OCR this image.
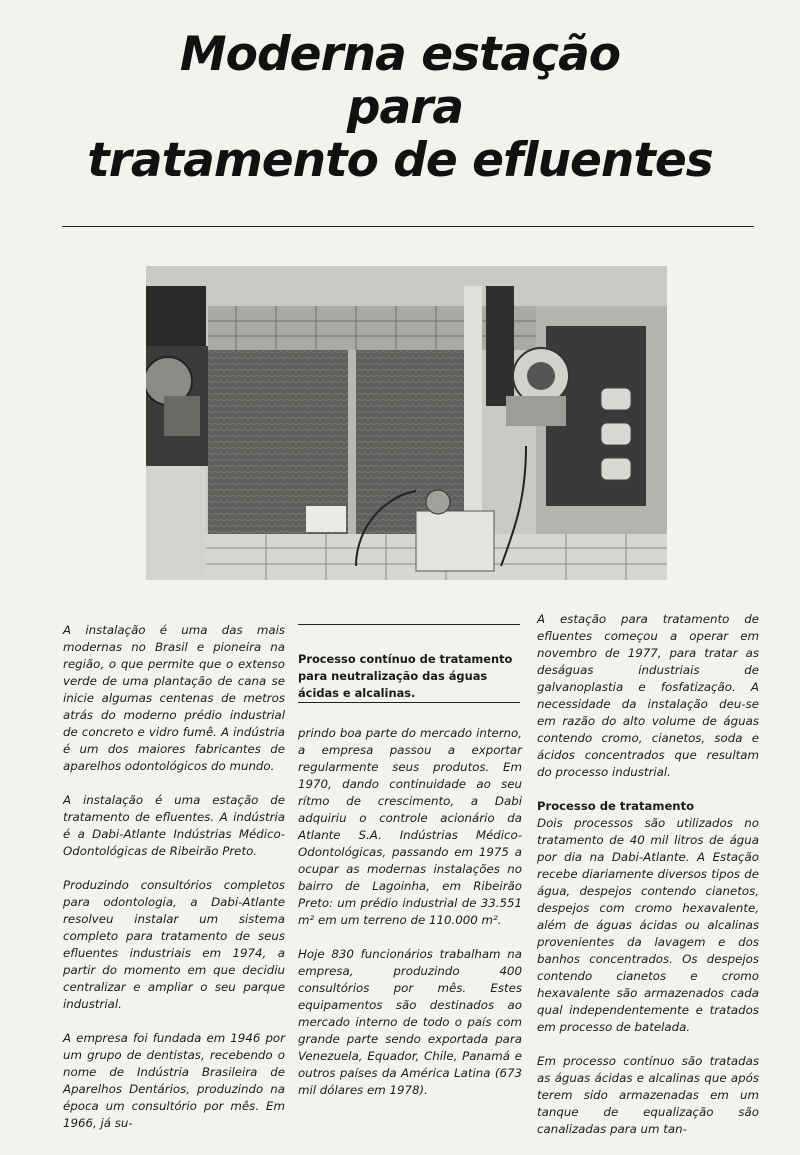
Moderna estação
para
tratamento de efluentes

A instalação é uma das mais modernas no Brasil e pioneira na região, o que permite que o extenso verde de uma plantação de cana se inicie algumas centenas de metros atrás do moderno prédio industrial de concreto e vidro fumê. A indústria é um dos maiores fabricantes de aparelhos odontológicos do mundo.

A instalação é uma estação de tratamento de efluentes. A indústria é a Dabi-Atlante Indústrias Médico-Odontológicas de Ribeirão Preto.

Produzindo consultórios completos para odontologia, a Dabi-Atlante resolveu instalar um sistema completo para tratamento de seus efluentes industriais em 1974, a partir do momento em que decidiu centralizar e ampliar o seu parque industrial.

A empresa foi fundada em 1946 por um grupo de dentistas, recebendo o nome de Indústria Brasileira de Aparelhos Dentários, produzindo na época um consultório por mês. Em 1966, já su-

Processo contínuo de tratamento para neutralização das águas ácidas e alcalinas.

prindo boa parte do mercado interno, a empresa passou a exportar regularmente seus produtos. Em 1970, dando continuidade ao seu rítmo de crescimento, a Dabi adquiriu o controle acionário da Atlante S.A. Indústrias Médico-Odontológicas, passando em 1975 a ocupar as modernas instalações no bairro de Lagoinha, em Ribeirão Preto: um prédio industrial de 33.551 m² em um terreno de 110.000 m².

Hoje 830 funcionários trabalham na empresa, produzindo 400 consultórios por mês. Estes equipamentos são destinados ao mercado interno de todo o país com grande parte sendo exportada para Venezuela, Equador, Chile, Panamá e outros países da América Latina (673 mil dólares em 1978).

A estação para tratamento de efluentes começou a operar em novembro de 1977, para tratar as deságuas industriais de galvanoplastia e fosfatização. A necessidade da instalação deu-se em razão do alto volume de águas contendo cromo, cianetos, soda e ácidos concentrados que resultam do processo industrial.

Processo de tratamento

Dois processos são utilizados no tratamento de 40 mil litros de água por dia na Dabi-Atlante. A Estação recebe diariamente diversos tipos de água, despejos contendo cianetos, despejos com cromo hexavalente, além de águas ácidas ou alcalinas provenientes da lavagem e dos banhos concentrados. Os despejos contendo cianetos e cromo hexavalente são armazenados cada qual independentemente e tratados em processo de batelada.

Em processo contínuo são tratadas as águas ácidas e alcalinas que após terem sido armazenadas em um tanque de equalização são canalizadas para um tan-
